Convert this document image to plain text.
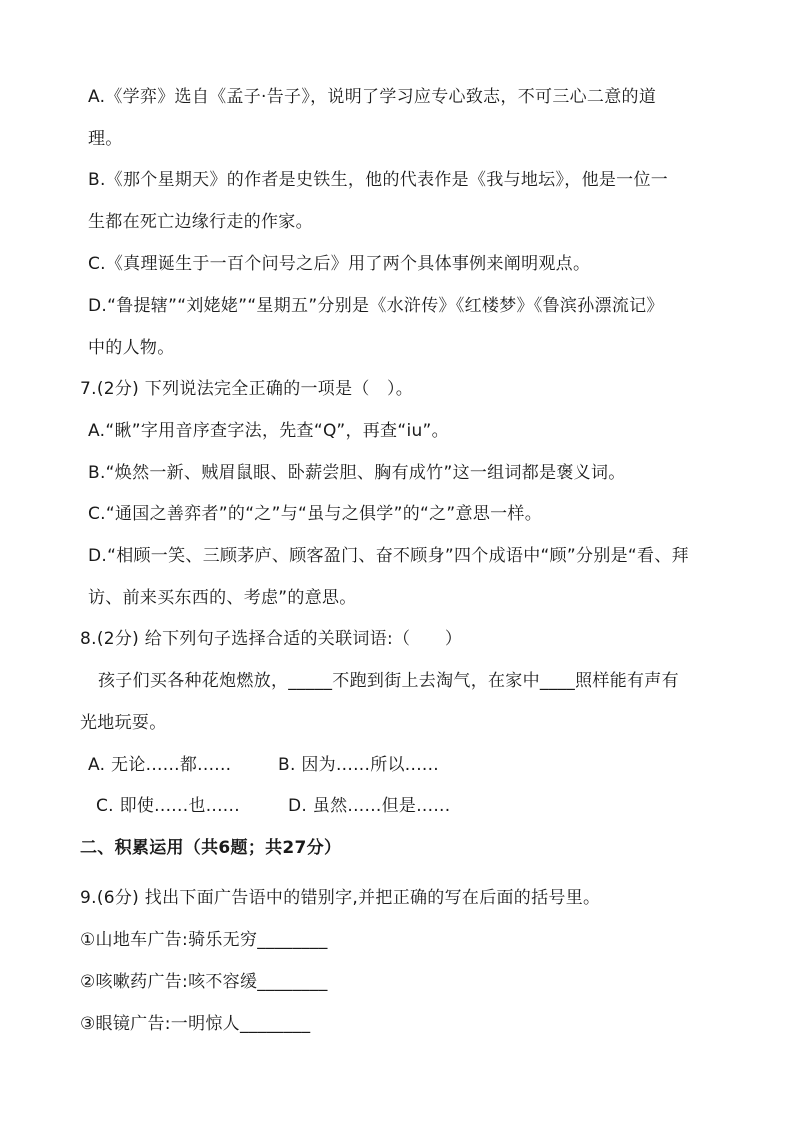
A.《学弈》选自《孟子·告子》，说明了学习应专心致志，不可三心二意的道
理。
B.《那个星期天》的作者是史铁生，他的代表作是《我与地坛》，他是一位一
生都在死亡边缘行走的作家。
C.《真理诞生于一百个问号之后》用了两个具体事例来阐明观点。
D.“鲁提辖”“刘姥姥”“星期五”分别是《水浒传》《红楼梦》《鲁滨孙漂流记》
中的人物。
7.(2分) 下列说法完全正确的一项是（　）。
A.“瞅”字用音序查字法，先查“Q”，再查“iu”。
B.“焕然一新、贼眉鼠眼、卧薪尝胆、胸有成竹”这一组词都是褒义词。
C.“通国之善弈者”的“之”与“虽与之俱学”的“之”意思一样。
D.“相顾一笑、三顾茅庐、顾客盈门、奋不顾身”四个成语中“顾”分别是“看、拜
访、前来买东西的、考虑”的意思。
8.(2分) 给下列句子选择合适的关联词语:（　　）
孩子们买各种花炮燃放，_____不跑到街上去淘气，在家中____照样能有声有
光地玩耍。
A. 无论......都......	B. 因为......所以......
C. 即使......也......	D. 虽然......但是......
二、积累运用（共6题；共27分）
9.(6分) 找出下面广告语中的错别字,并把正确的写在后面的括号里。
①山地车广告:骑乐无穷________
②咳嗽药广告:咳不容缓________
③眼镜广告:一明惊人________
